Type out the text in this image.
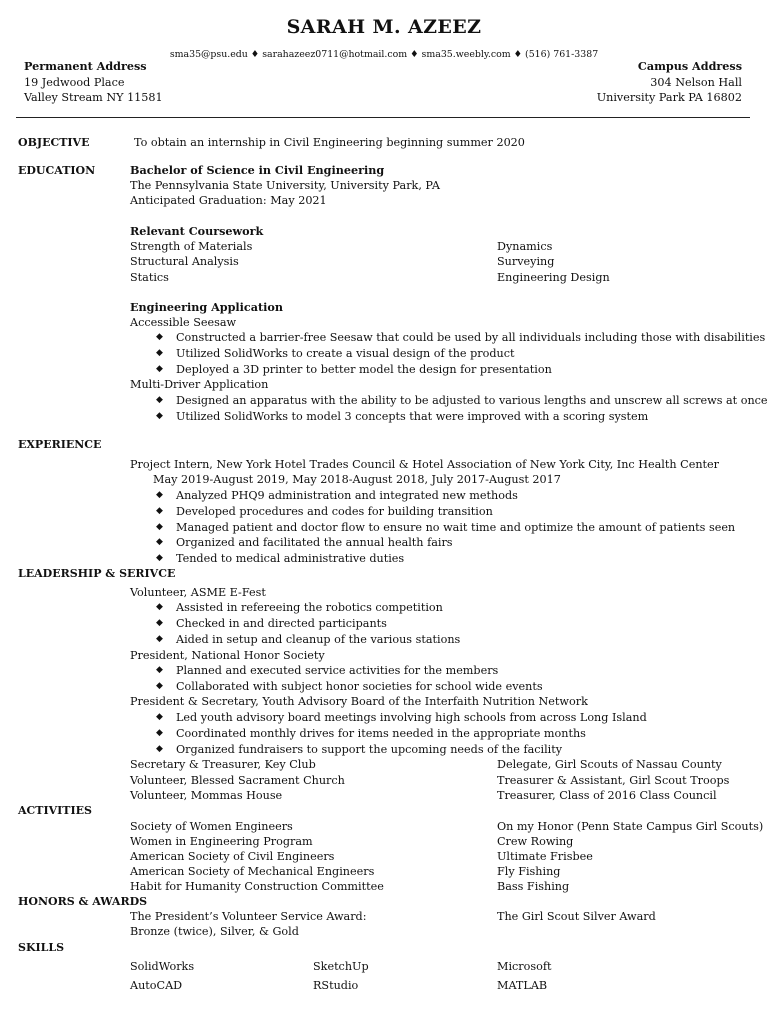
SARAH M. AZEEZ
sma35@psu.edu ♦ sarahazeez0711@hotmail.com ♦ sma35.weebly.com ♦ (516) 761-3387
Permanent Address
19 Jedwood Place
Valley Stream NY 11581
Campus Address
304 Nelson Hall
University Park PA 16802
OBJECTIVE	To obtain an internship in Civil Engineering beginning summer 2020
EDUCATION	Bachelor of Science in Civil Engineering
The Pennsylvania State University, University Park, PA
Anticipated Graduation: May 2021
Relevant Coursework
Strength of Materials
Structural Analysis
Statics
Dynamics
Surveying
Engineering Design
Engineering Application
Accessible Seesaw
◆ Constructed a barrier-free Seesaw that could be used by all individuals including those with disabilities
◆ Utilized SolidWorks to create a visual design of the product
◆ Deployed a 3D printer to better model the design for presentation
Multi-Driver Application
◆ Designed an apparatus with the ability to be adjusted to various lengths and unscrew all screws at once
◆ Utilized SolidWorks to model 3 concepts that were improved with a scoring system
EXPERIENCE
Project Intern, New York Hotel Trades Council & Hotel Association of New York City, Inc Health Center
May 2019-August 2019, May 2018-August 2018, July 2017-August 2017
◆ Analyzed PHQ9 administration and integrated new methods
◆ Developed procedures and codes for building transition
◆ Managed patient and doctor flow to ensure no wait time and optimize the amount of patients seen
◆ Organized and facilitated the annual health fairs
◆ Tended to medical administrative duties
LEADERSHIP & SERIVCE
Volunteer, ASME E-Fest
◆ Assisted in refereeing the robotics competition
◆ Checked in and directed participants
◆ Aided in setup and cleanup of the various stations
President, National Honor Society
◆ Planned and executed service activities for the members
◆ Collaborated with subject honor societies for school wide events
President & Secretary, Youth Advisory Board of the Interfaith Nutrition Network
◆ Led youth advisory board meetings involving high schools from across Long Island
◆ Coordinated monthly drives for items needed in the appropriate months
◆ Organized fundraisers to support the upcoming needs of the facility
Secretary & Treasurer, Key Club
Volunteer, Blessed Sacrament Church
Volunteer, Mommas House
Delegate, Girl Scouts of Nassau County
Treasurer & Assistant, Girl Scout Troops
Treasurer, Class of 2016 Class Council
ACTIVITIES
Society of Women Engineers
Women in Engineering Program
American Society of Civil Engineers
American Society of Mechanical Engineers
Habit for Humanity Construction Committee
On my Honor (Penn State Campus Girl Scouts)
Crew Rowing
Ultimate Frisbee
Fly Fishing
Bass Fishing
HONORS & AWARDS
The President’s Volunteer Service Award:
Bronze (twice), Silver, & Gold
The Girl Scout Silver Award
SKILLS
SolidWorks
AutoCAD
SketchUp
RStudio
Microsoft
MATLAB
